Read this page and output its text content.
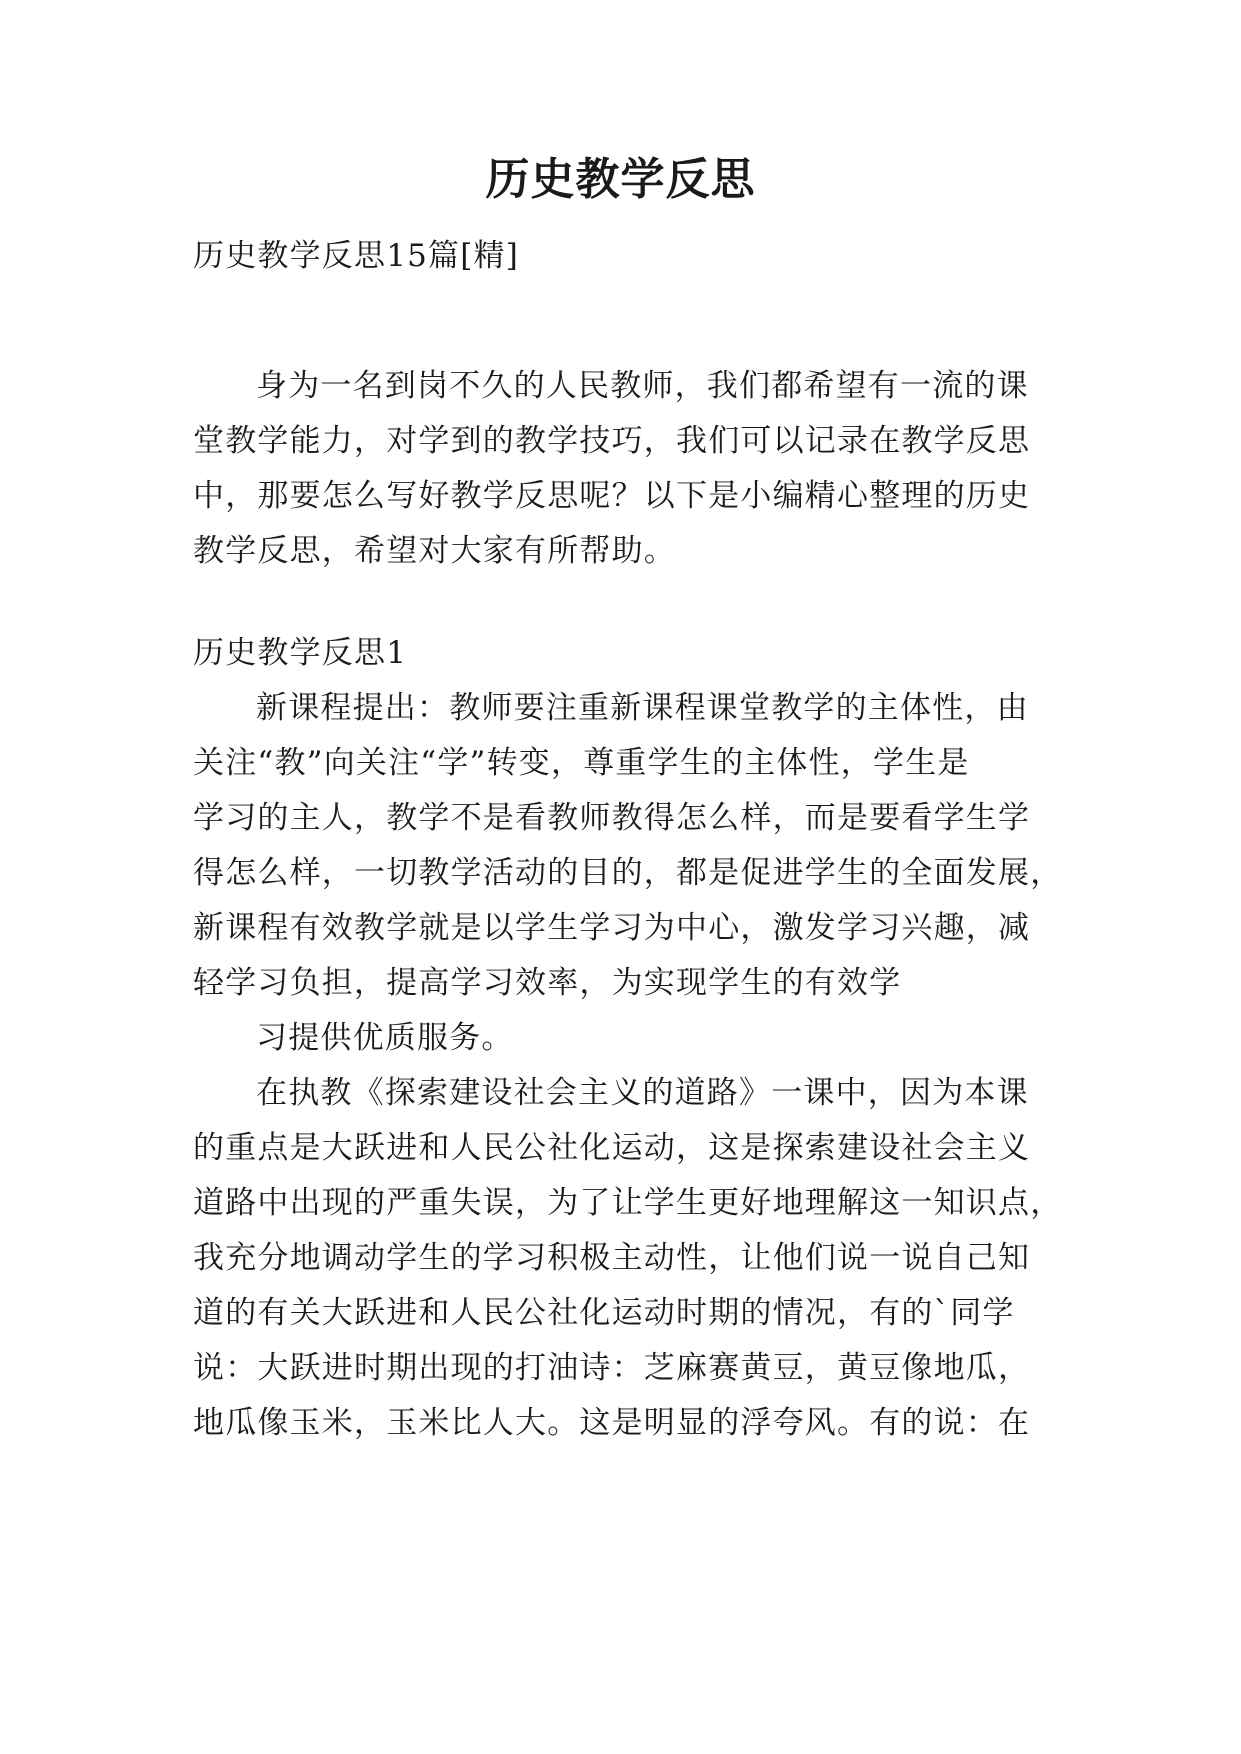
历史教学反思
历史教学反思15篇[精]
身为一名到岗不久的人民教师，我们都希望有一流的课
堂教学能力，对学到的教学技巧，我们可以记录在教学反思
中，那要怎么写好教学反思呢？以下是小编精心整理的历史
教学反思，希望对大家有所帮助。
历史教学反思1
新课程提出：教师要注重新课程课堂教学的主体性，由
关注“教”向关注“学”转变，尊重学生的主体性，学生是
学习的主人，教学不是看教师教得怎么样，而是要看学生学
得怎么样，一切教学活动的目的，都是促进学生的全面发展，
新课程有效教学就是以学生学习为中心，激发学习兴趣，减
轻学习负担，提高学习效率，为实现学生的有效学
习提供优质服务。
在执教《探索建设社会主义的道路》一课中，因为本课
的重点是大跃进和人民公社化运动，这是探索建设社会主义
道路中出现的严重失误，为了让学生更好地理解这一知识点，
我充分地调动学生的学习积极主动性，让他们说一说自己知
道的有关大跃进和人民公社化运动时期的情况，有的`同学
说：大跃进时期出现的打油诗：芝麻赛黄豆，黄豆像地瓜，
地瓜像玉米，玉米比人大。这是明显的浮夸风。有的说：在
